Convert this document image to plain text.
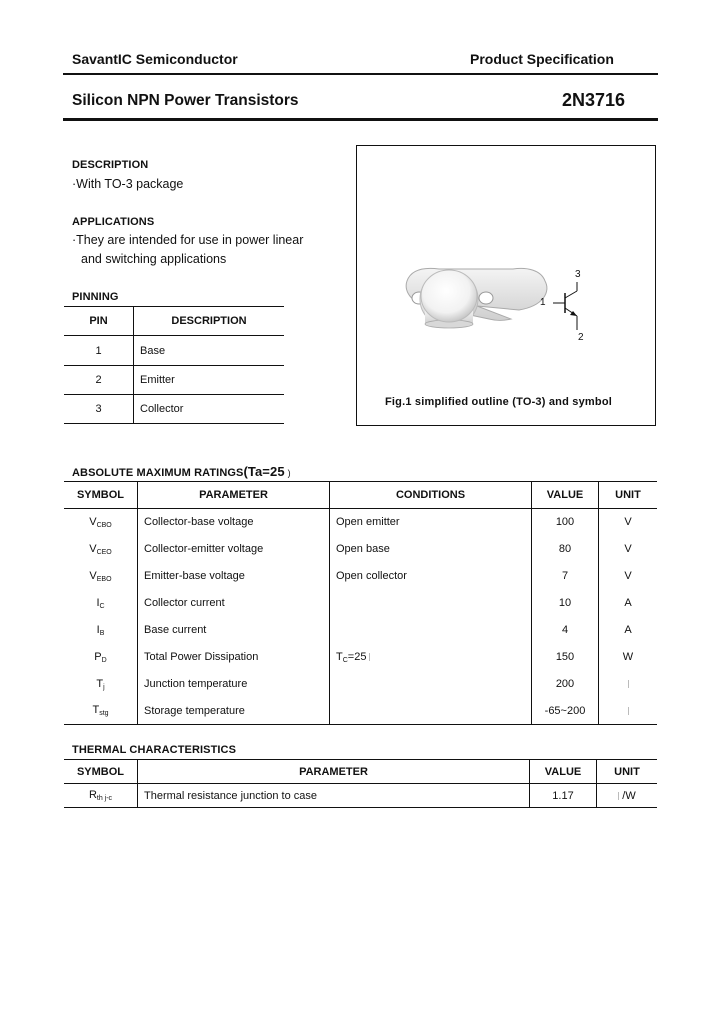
SavantIC Semiconductor	Product Specification
Silicon NPN Power Transistors	2N3716
DESCRIPTION
·With TO-3 package
APPLICATIONS
·They are intended for use in power linear
and switching applications
PINNING
PIN	DESCRIPTION
1	Base
2	Emitter
3	Collector
1
3
2
Fig.1 simplified outline (TO-3) and symbol
ABSOLUTE MAXIMUM RATINGS(Ta=25 )
SYMBOL	PARAMETER	CONDITIONS	VALUE	UNIT
$V_{CBO}$	Collector-base voltage	Open emitter	100	V
$V_{CEO}$	Collector-emitter voltage	Open base	80	V
$V_{EBO}$	Emitter-base voltage	Open collector	7	V
$I_C$	Collector current		10	A
$I_B$	Base current		4	A
$P_D$	Total Power Dissipation	$T_C=25$	150	W
$T_j$	Junction temperature		200	
$T_{stg}$	Storage temperature		-65~200	
THERMAL CHARACTERISTICS
SYMBOL	PARAMETER	VALUE	UNIT
$R_{th j-c}$	Thermal resistance junction to case	1.17	/W
